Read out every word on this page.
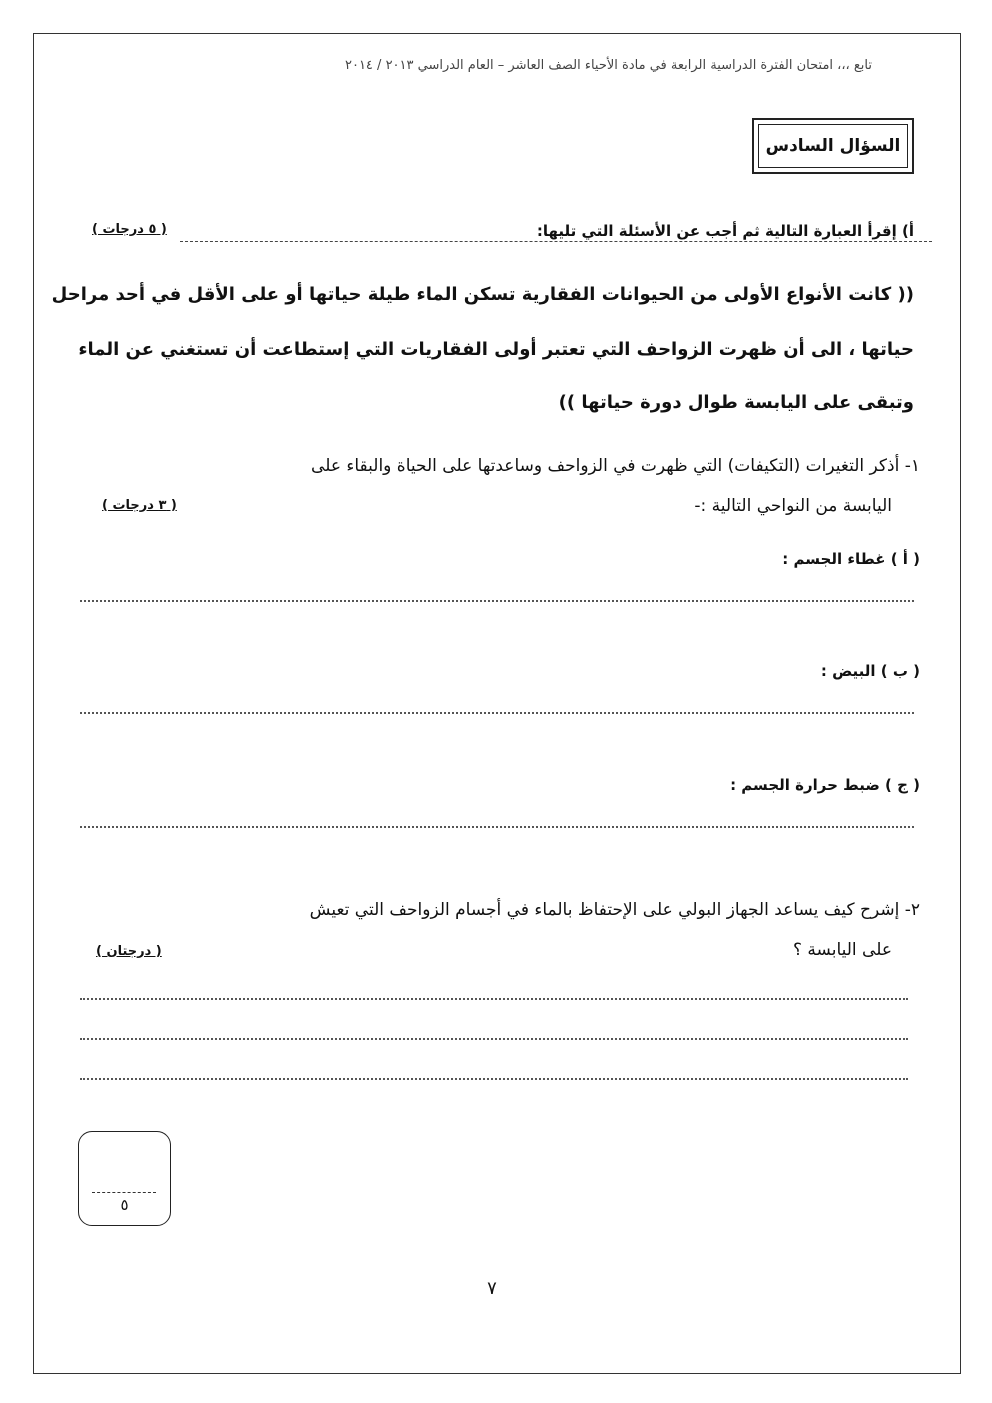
تابع ،،، امتحان الفترة الدراسية الرابعة في مادة الأحياء الصف العاشر – العام الدراسي ٢٠١٣ / ٢٠١٤
السؤال السادس
أ) إقرأ العبارة التالية ثم أجب عن الأسئلة التي تليها:
( ٥ درجات )
(( كانت الأنواع الأولى من الحيوانات الفقارية تسكن الماء طيلة حياتها أو على الأقل في أحد مراحل
حياتها ، الى أن ظهرت الزواحف التي تعتبر أولى الفقاريات التي إستطاعت أن تستغني عن الماء
وتبقى على اليابسة طوال دورة حياتها ))
١- أذكر التغيرات (التكيفات) التي ظهرت في الزواحف وساعدتها على الحياة والبقاء على
اليابسة من النواحي التالية :-
( ٣ درجات )
( أ ) غطاء الجسم :
( ب ) البيض :
( ج ) ضبط حرارة الجسم :
٢- إشرح كيف يساعد الجهاز البولي على الإحتفاظ بالماء في أجسام الزواحف التي تعيش
على اليابسة ؟
( درجتان )
٥
٧
